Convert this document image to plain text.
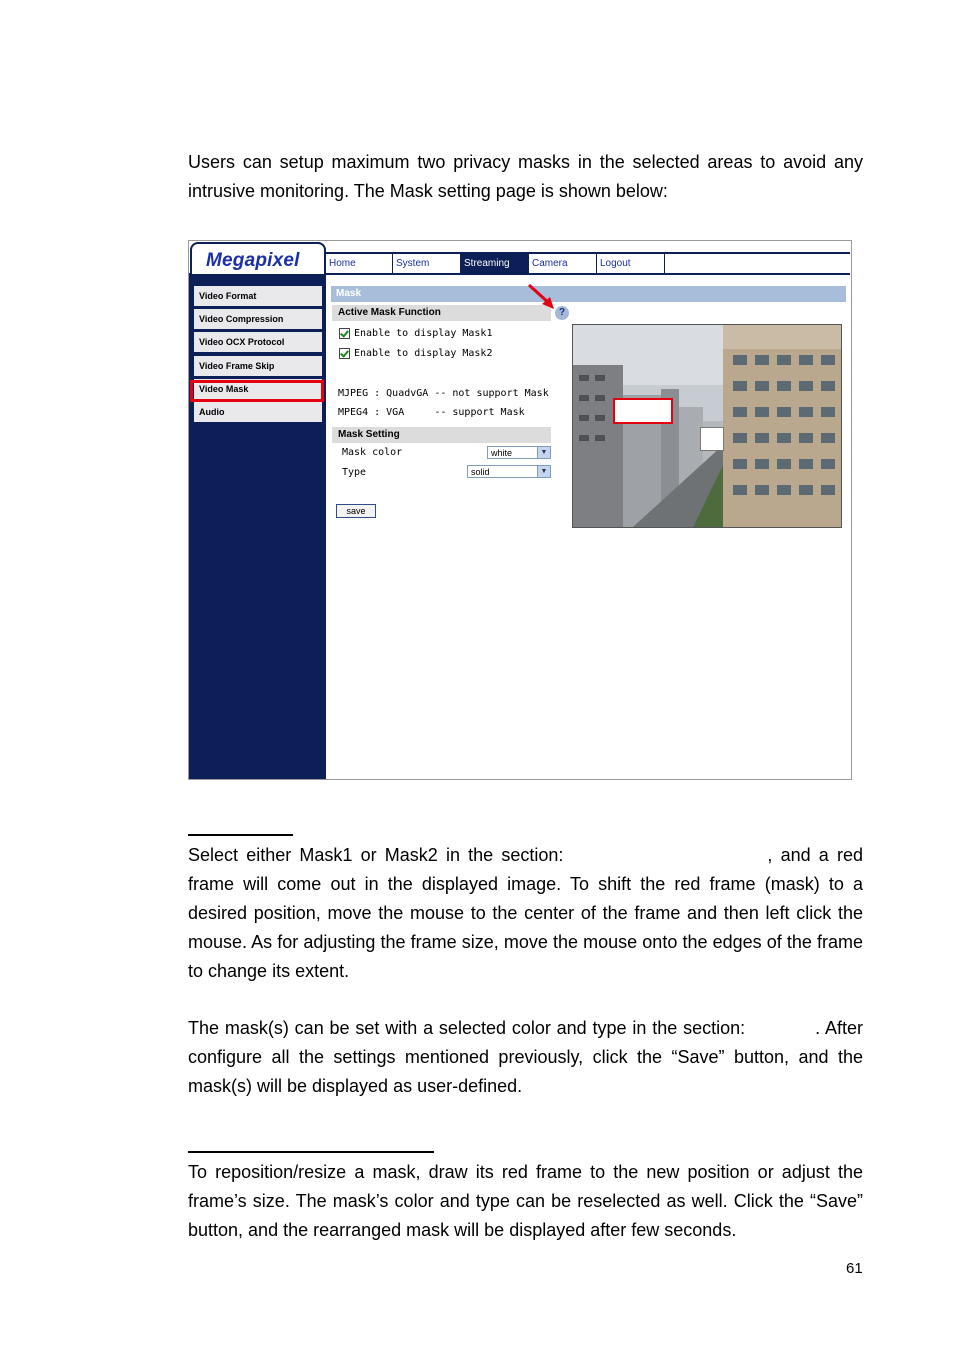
Users can setup maximum two privacy masks in the selected areas to avoid any intrusive monitoring. The Mask setting page is shown below:

Megapixel	Home	System	Streaming	Camera	Logout
Video Format
Video Compression
Video OCX Protocol
Video Frame Skip
Video Mask
Audio
Mask
Active Mask Function	?
Enable to display Mask1
Enable to display Mask2
MJPEG : QuadvGA -- not support Mask
MPEG4 : VGA     -- support Mask
Mask Setting
Mask color	white	▼
Type	solid	▼
save

Select either Mask1 or Mask2 in the section:	, and a red frame will come out in the displayed image. To shift the red frame (mask) to a desired position, move the mouse to the center of the frame and then left click the mouse. As for adjusting the frame size, move the mouse onto the edges of the frame to change its extent.

The mask(s) can be set with a selected color and type in the section:	. After configure all the settings mentioned previously, click the “Save” button, and the mask(s) will be displayed as user-defined.

To reposition/resize a mask, draw its red frame to the new position or adjust the frame’s size. The mask’s color and type can be reselected as well. Click the “Save” button, and the rearranged mask will be displayed after few seconds.

61
